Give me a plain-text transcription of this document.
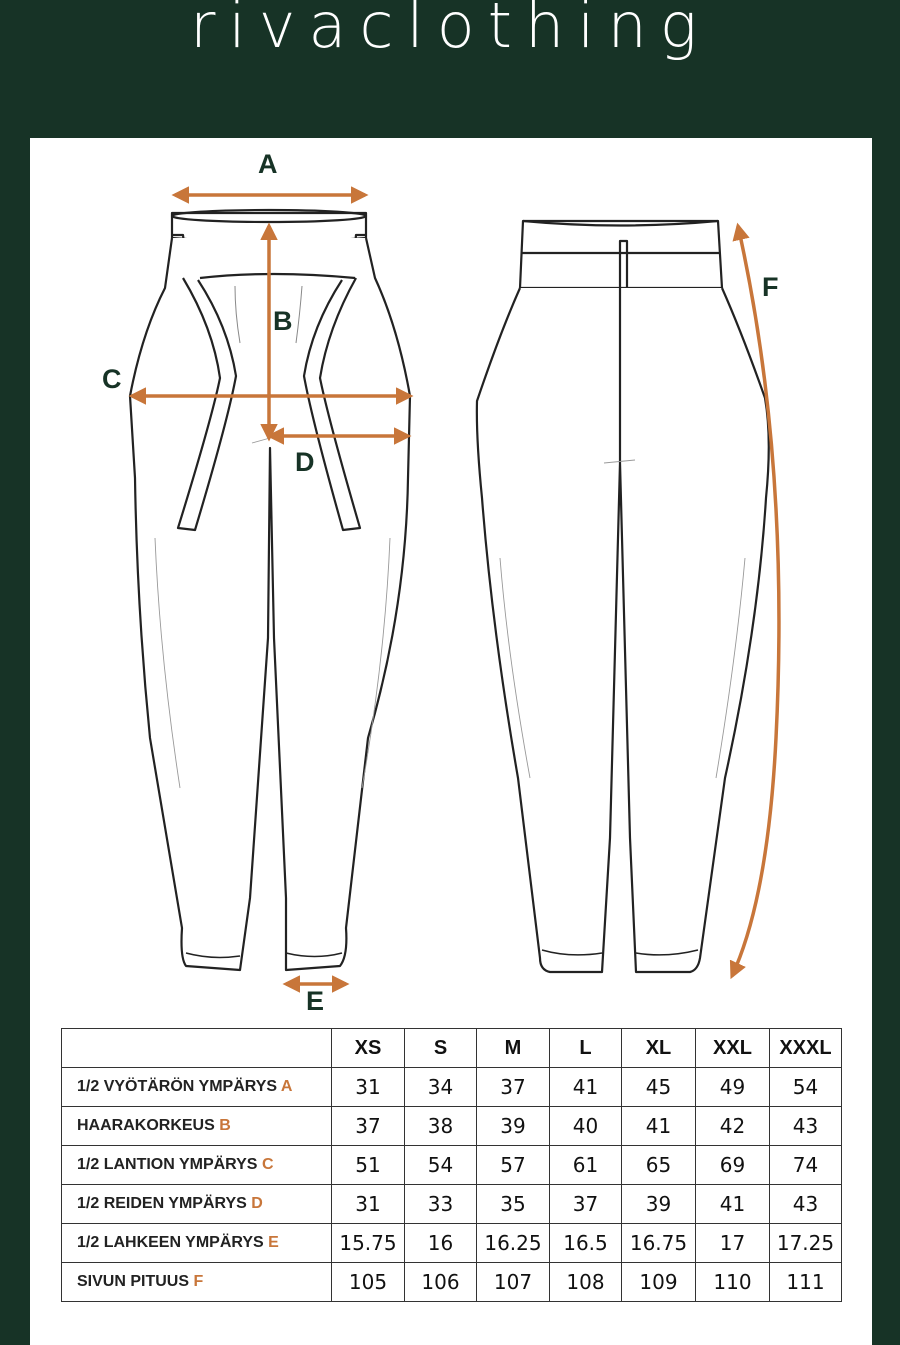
rivaclothing
A
B
C
D
E
F
	XS	S	M	L	XL	XXL	XXXL
1/2 VYÖTÄRÖN YMPÄRYS A	31	34	37	41	45	49	54
HAARAKORKEUS B	37	38	39	40	41	42	43
1/2 LANTION YMPÄRYS C	51	54	57	61	65	69	74
1/2 REIDEN YMPÄRYS D	31	33	35	37	39	41	43
1/2 LAHKEEN YMPÄRYS E	15.75	16	16.25	16.5	16.75	17	17.25
SIVUN PITUUS F	105	106	107	108	109	110	111
